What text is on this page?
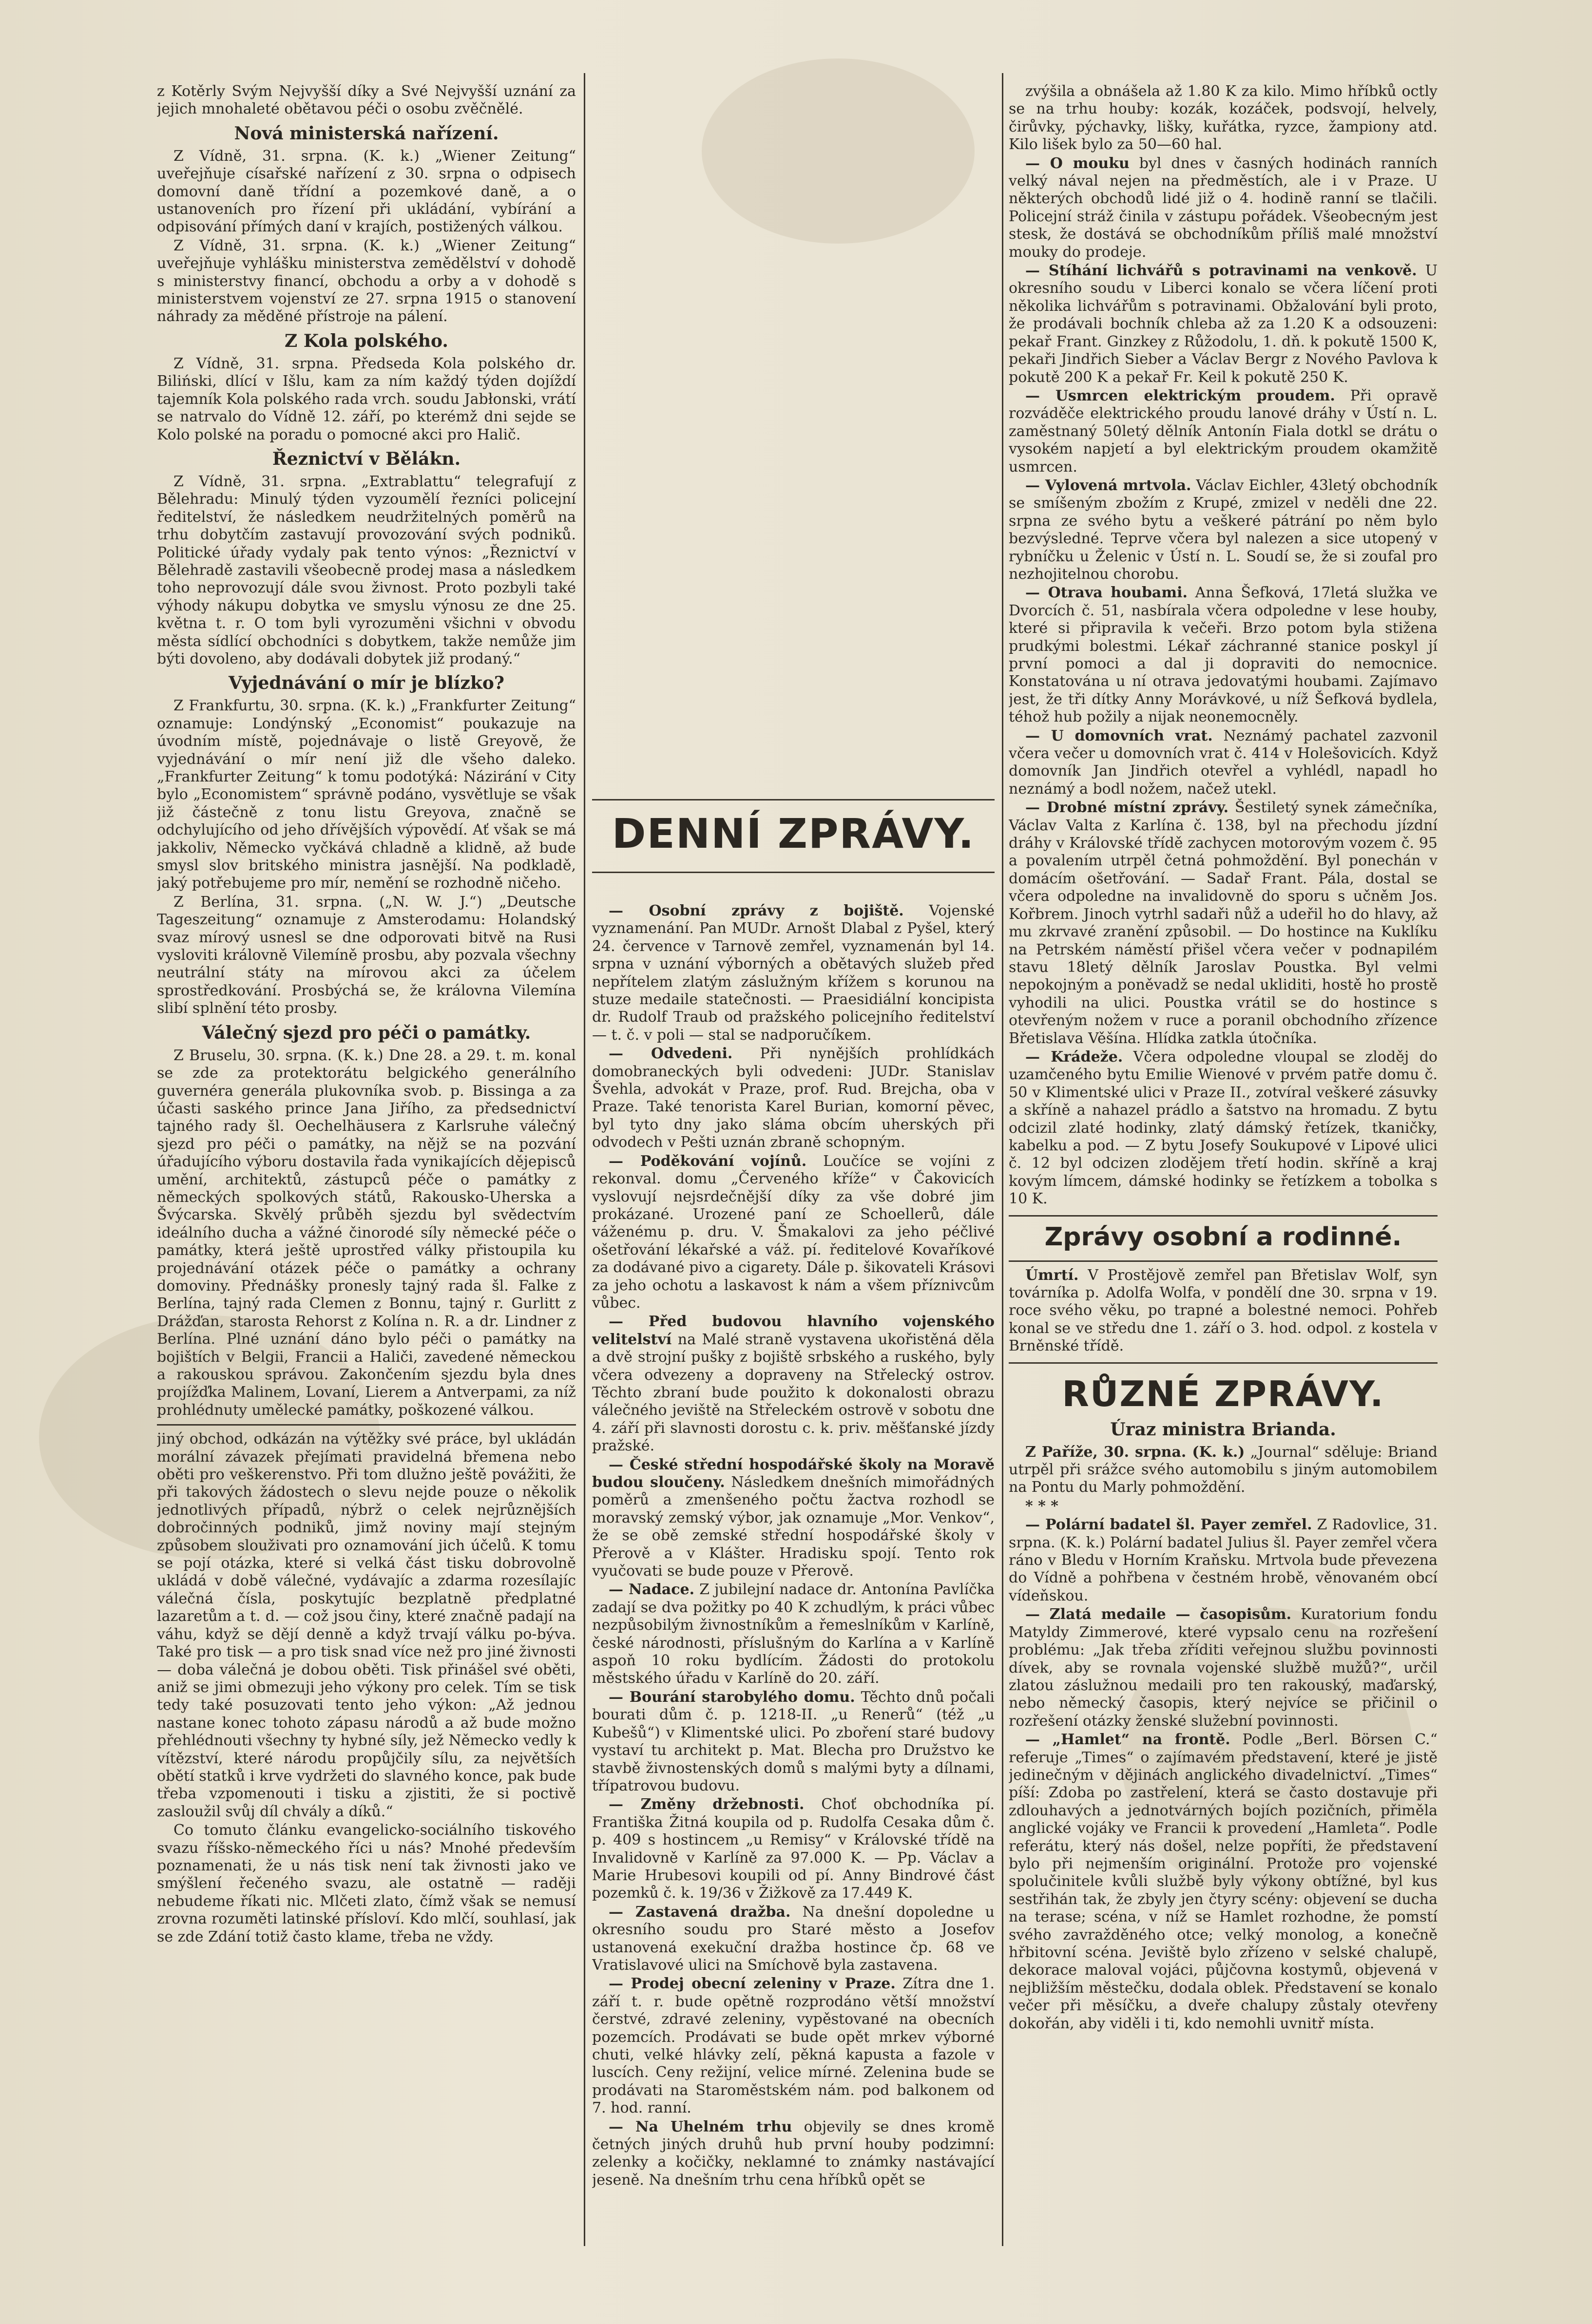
z Kotěrly Svým Nejvyšší díky a Své Nejvyšší uznání za jejich mnohaleté obětavou péči o osobu zvěčnělé.

Nová ministerská nařízení.

Z Vídně, 31. srpna. (K. k.) „Wiener Zeitung“ uveřejňuje císařské nařízení z 30. srpna o odpisech domovní daně třídní a pozemkové daně, a o ustanoveních pro řízení při ukládání, vybírání a odpisování přímých daní v krajích, postižených válkou.

Z Vídně, 31. srpna. (K. k.) „Wiener Zeitung“ uveřejňuje vyhlášku ministerstva zemědělství v dohodě s ministerstvy financí, obchodu a orby a v dohodě s ministerstvem vojenství ze 27. srpna 1915 o stanovení náhrady za měděné přístroje na pálení.

Z Kola polského.

Z Vídně, 31. srpna. Předseda Kola polského dr. Biliński, dlící v Išlu, kam za ním každý týden dojíždí tajemník Kola polského rada vrch. soudu Jabłonski, vrátí se natrvalo do Vídně 12. září, po kterémž dni sejde se Kolo polské na poradu o pomocné akci pro Halič.

Řeznictví v Bělákn.

Z Vídně, 31. srpna. „Extrablattu“ telegrafují z Bělehradu: Minulý týden vyzoumělí řezníci policejní ředitelství, že následkem neudržitelných poměrů na trhu dobytčím zastavují provozování svých podniků. Politické úřady vydaly pak tento výnos: „Řeznictví v Bělehradě zastavili všeobecně prodej masa a následkem toho neprovozují dále svou živnost. Proto pozbyli také výhody nákupu dobytka ve smyslu výnosu ze dne 25. května t. r. O tom byli vyrozuměni všichni v obvodu města sídlící obchodníci s dobytkem, takže nemůže jim býti dovoleno, aby dodávali dobytek již prodaný.“

Vyjednávání o mír je blízko?

Z Frankfurtu, 30. srpna. (K. k.) „Frankfurter Zeitung“ oznamuje: Londýnský „Economist“ poukazuje na úvodním místě, pojednávaje o listě Greyově, že vyjednávání o mír není již dle všeho daleko. „Frankfurter Zeitung“ k tomu podotýká: Názirání v City bylo „Economistem“ správně podáno, vysvětluje se však již částečně z tonu listu Greyova, značně se odchylujícího od jeho dřívějších výpovědí. Ať však se má jakkoliv, Německo vyčkává chladně a klidně, až bude smysl slov britského ministra jasnější. Na podkladě, jaký potřebujeme pro mír, nemění se rozhodně ničeho.

Z Berlína, 31. srpna. („N. W. J.“) „Deutsche Tageszeitung“ oznamuje z Amsterodamu: Holandský svaz mírový usnesl se dne odporovati bitvě na Rusi vysloviti královně Vilemíně prosbu, aby pozvala všechny neutrální státy na mírovou akci za účelem sprostředkování. Prosbýchá se, že královna Vilemína slibí splnění této prosby.

Válečný sjezd pro péči o památky.

Z Bruselu, 30. srpna. (K. k.) Dne 28. a 29. t. m. konal se zde za protektorátu belgického generálního guvernéra generála plukovníka svob. p. Bissinga a za účasti saského prince Jana Jiřího, za předsednictví tajného rady šl. Oechelhäusera z Karlsruhe válečný sjezd pro péči o památky, na nějž se na pozvání úřadujícího výboru dostavila řada vynikajících dějepisců umění, architektů, zástupců péče o památky z německých spolkových států, Rakousko-Uherska a Švýcarska. Skvělý průběh sjezdu byl svědectvím ideálního ducha a vážné činorodé síly německé péče o památky, která ještě uprostřed války přistoupila ku projednávání otázek péče o památky a ochrany domoviny. Přednášky pronesly tajný rada šl. Falke z Berlína, tajný rada Clemen z Bonnu, tajný r. Gurlitt z Drážďan, starosta Rehorst z Kolína n. R. a dr. Lindner z Berlína. Plné uznání dáno bylo péči o památky na bojištích v Belgii, Francii a Haliči, zavedené německou a rakouskou správou. Zakončením sjezdu byla dnes projížďka Malinem, Lovaní, Lierem a Antverpami, za níž prohlédnuty umělecké památky, poškozené válkou.

jiný obchod, odkázán na výtěžky své práce, byl ukládán morální závazek přejímati pravidelná břemena nebo oběti pro veškerenstvo. Při tom dlužno ještě povážiti, že při takových žádostech o slevu nejde pouze o několik jednotlivých případů, nýbrž o celek nejrůznějších dobročinných podniků, jimž noviny mají stejným způsobem slouživati pro oznamování jich účelů. K tomu se pojí otázka, které si velká část tisku dobrovolně ukládá v době válečné, vydávajíc a zdarma rozesílajíc válečná čísla, poskytujíc bezplatně předplatné lazaretům a t. d. — což jsou činy, které značně padají na váhu, když se dějí denně a když trvají válku po-býva. Také pro tisk — a pro tisk snad více než pro jiné živnosti — doba válečná je dobou oběti. Tisk přinášel své oběti, aniž se jimi obmezuji jeho výkony pro celek. Tím se tisk tedy také posuzovati tento jeho výkon: „Až jednou nastane konec tohoto zápasu národů a až bude možno přehlédnouti všechny ty hybné síly, jež Německo vedly k vítězství, které národu propůjčily sílu, za největších obětí statků i krve vydržeti do slavného konce, pak bude třeba vzpomenouti i tisku a zjistiti, že si poctivě zasloužil svůj díl chvály a díků.“

Co tomuto článku evangelicko-sociálního tiskového svazu říšsko-německého říci u nás? Mnohé především poznamenati, že u nás tisk není tak živnosti jako ve smýšlení řečeného svazu, ale ostatně — raději nebudeme říkati nic. Mlčeti zlato, čímž však se nemusí zrovna rozuměti latinské přísloví. Kdo mlčí, souhlasí, jak se zde Zdání totiž často klame, třeba ne vždy.

DENNÍ ZPRÁVY.

— Osobní zprávy z bojiště. Vojenské vyznamenání. Pan MUDr. Arnošt Dlabal z Pyšel, který 24. července v Tarnově zemřel, vyznamenán byl 14. srpna v uznání výborných a obětavých služeb před nepřítelem zlatým záslužným křížem s korunou na stuze medaile statečnosti. — Praesidiální koncipista dr. Rudolf Traub od pražského policejního ředitelství — t. č. v poli — stal se nadporučíkem.

— Odvedeni. Při nynějších prohlídkách domobraneckých byli odvedeni: JUDr. Stanislav Švehla, advokát v Praze, prof. Rud. Brejcha, oba v Praze. Také tenorista Karel Burian, komorní pěvec, byl tyto dny jako sláma obcím uherských při odvodech v Pešti uznán zbraně schopným.

— Poděkování vojínů. Loučíce se vojíni z rekonval. domu „Červeného kříže“ v Čakovicích vyslovují nejsrdečnější díky za vše dobré jim prokázané. Urozené paní ze Schoellerů, dále váženému p. dru. V. Šmakalovi za jeho péčlivé ošetřování lékařské a váž. pí. ředitelové Kovaříkové za dodávané pivo a cigarety. Dále p. šikovateli Krásovi za jeho ochotu a laskavost k nám a všem příznivcům vůbec.

— Před budovou hlavního vojenského velitelství na Malé straně vystavena ukořistěná děla a dvě strojní pušky z bojiště srbského a ruského, byly včera odvezeny a dopraveny na Střelecký ostrov. Těchto zbraní bude použito k dokonalosti obrazu válečného jeviště na Střeleckém ostrově v sobotu dne 4. září při slavnosti dorostu c. k. priv. měšťanské jízdy pražské.

— České střední hospodářské školy na Moravě budou sloučeny. Následkem dnešních mimořádných poměrů a zmenšeného počtu žactva rozhodl se moravský zemský výbor, jak oznamuje „Mor. Venkov“, že se obě zemské střední hospodářské školy v Přerově a v Klášter. Hradisku spojí. Tento rok vyučovati se bude pouze v Přerově.

— Nadace. Z jubilejní nadace dr. Antonína Pavlíčka zadají se dva požitky po 40 K zchudlým, k práci vůbec nezpůsobilým živnostníkům a řemeslníkům v Karlíně, české národnosti, příslušným do Karlína a v Karlíně aspoň 10 roku bydlícím. Žádosti do protokolu městského úřadu v Karlíně do 20. září.

— Bourání starobylého domu. Těchto dnů počali bourati dům č. p. 1218-II. „u Renerů“ (též „u Kubešů“) v Klimentské ulici. Po zboření staré budovy vystaví tu architekt p. Mat. Blecha pro Družstvo ke stavbě živnostenských domů s malými byty a dílnami, třípatrovou budovu.

— Změny držebnosti. Choť obchodníka pí. Františka Žitná koupila od p. Rudolfa Cesaka dům č. p. 409 s hostincem „u Remisy“ v Královské třídě na Invalidovně v Karlíně za 97.000 K. — Pp. Václav a Marie Hrubesovi koupili od pí. Anny Bindrové část pozemků č. k. 19/36 v Žižkově za 17.449 K.

— Zastavená dražba. Na dnešní dopoledne u okresního soudu pro Staré město a Josefov ustanovená exekuční dražba hostince čp. 68 ve Vratislavové ulici na Smíchově byla zastavena.

— Prodej obecní zeleniny v Praze. Zítra dne 1. září t. r. bude opětně rozprodáno větší množství čerstvé, zdravé zeleniny, vypěstované na obecních pozemcích. Prodávati se bude opět mrkev výborné chuti, velké hlávky zelí, pěkná kapusta a fazole v luscích. Ceny režijní, velice mírné. Zelenina bude se prodávati na Staroměstském nám. pod balkonem od 7. hod. ranní.

— Na Uhelném trhu objevily se dnes kromě četných jiných druhů hub první houby podzimní: zelenky a kočičky, neklamné to známky nastávající jeseně. Na dnešním trhu cena hříbků opět se

zvýšila a obnášela až 1.80 K za kilo. Mimo hříbků octly se na trhu houby: kozák, kozáček, podsvojí, helvely, čirůvky, pýchavky, lišky, kuřátka, ryzce, žampiony atd. Kilo lišek bylo za 50—60 hal.

— O mouku byl dnes v časných hodinách ranních velký nával nejen na předměstích, ale i v Praze. U některých obchodů lidé již o 4. hodině ranní se tlačili. Policejní stráž činila v zástupu pořádek. Všeobecným jest stesk, že dostává se obchodníkům příliš malé množství mouky do prodeje.

— Stíhání lichvářů s potravinami na venkově. U okresního soudu v Liberci konalo se včera líčení proti několika lichvářům s potravinami. Obžalování byli proto, že prodávali bochník chleba až za 1.20 K a odsouzeni: pekař Frant. Ginzkey z Růžodolu, 1. dň. k pokutě 1500 K, pekaři Jindřich Sieber a Václav Bergr z Nového Pavlova k pokutě 200 K a pekař Fr. Keil k pokutě 250 K.

— Usmrcen elektrickým proudem. Při opravě rozváděče elektrického proudu lanové dráhy v Ústí n. L. zaměstnaný 50letý dělník Antonín Fiala dotkl se drátu o vysokém napjetí a byl elektrickým proudem okamžitě usmrcen.

— Vylovená mrtvola. Václav Eichler, 43letý obchodník se smíšeným zbožím z Krupé, zmizel v neděli dne 22. srpna ze svého bytu a veškeré pátrání po něm bylo bezvýsledné. Teprve včera byl nalezen a sice utopený v rybníčku u Želenic v Ústí n. L. Soudí se, že si zoufal pro nezhojitelnou chorobu.

— Otrava houbami. Anna Šefková, 17letá služka ve Dvorcích č. 51, nasbírala včera odpoledne v lese houby, které si připravila k večeři. Brzo potom byla stižena prudkými bolestmi. Lékař záchranné stanice poskyl jí první pomoci a dal ji dopraviti do nemocnice. Konstatována u ní otrava jedovatými houbami. Zajímavo jest, že tři dítky Anny Morávkové, u níž Šefková bydlela, téhož hub požily a nijak neonemocněly.

— U domovních vrat. Neznámý pachatel zazvonil včera večer u domovních vrat č. 414 v Holešovicích. Když domovník Jan Jindřich otevřel a vyhlédl, napadl ho neznámý a bodl nožem, načež utekl.

— Drobné místní zprávy. Šestiletý synek zámečníka, Václav Valta z Karlína č. 138, byl na přechodu jízdní dráhy v Královské třídě zachycen motorovým vozem č. 95 a povalením utrpěl četná pohmoždění. Byl ponechán v domácím ošetřování. — Sadař Frant. Pála, dostal se včera odpoledne na invalidovně do sporu s učněm Jos. Kořbrem. Jinoch vytrhl sadaři nůž a udeřil ho do hlavy, až mu zkrvavé zranění způsobil. — Do hostince na Kuklíku na Petrském náměstí přišel včera večer v podnapilém stavu 18letý dělník Jaroslav Poustka. Byl velmi nepokojným a poněvadž se nedal ukliditi, hostě ho prostě vyhodili na ulici. Poustka vrátil se do hostince s otevřeným nožem v ruce a poranil obchodního zřízence Břetislava Věšína. Hlídka zatkla útočníka.

— Krádeže. Včera odpoledne vloupal se zloděj do uzamčeného bytu Emilie Wienové v prvém patře domu č. 50 v Klimentské ulici v Praze II., zotvíral veškeré zásuvky a skříně a nahazel prádlo a šatstvo na hromadu. Z bytu odcizil zlaté hodinky, zlatý dámský řetízek, tkaničky, kabelku a pod. — Z bytu Josefy Soukupové v Lipové ulici č. 12 byl odcizen zlodějem třetí hodin. skříně a kraj kovým límcem, dámské hodinky se řetízkem a tobolka s 10 K.

Zprávy osobní a rodinné.

Úmrtí. V Prostějově zemřel pan Břetislav Wolf, syn továrníka p. Adolfa Wolfa, v pondělí dne 30. srpna v 19. roce svého věku, po trapné a bolestné nemoci. Pohřeb konal se ve středu dne 1. září o 3. hod. odpol. z kostela v Brněnské třídě.

RŮZNÉ ZPRÁVY.
Úraz ministra Brianda.

Z Paříže, 30. srpna. (K. k.) „Journal“ sděluje: Briand utrpěl při srážce svého automobilu s jiným automobilem na Pontu du Marly pohmoždění.

* * *

— Polární badatel šl. Payer zemřel. Z Radovlice, 31. srpna. (K. k.) Polární badatel Julius šl. Payer zemřel včera ráno v Bledu v Horním Kraňsku. Mrtvola bude převezena do Vídně a pohřbena v čestném hrobě, věnovaném obcí vídeňskou.

— Zlatá medaile — časopisům. Kuratorium fondu Matyldy Zimmerové, které vypsalo cenu na rozřešení problému: „Jak třeba zříditi veřejnou službu povinnosti dívek, aby se rovnala vojenské službě mužů?“, určil zlatou záslužnou medaili pro ten rakouský, maďarský, nebo německý časopis, který nejvíce se přičinil o rozřešení otázky ženské služební povinnosti.

— „Hamlet“ na frontě. Podle „Berl. Börsen C.“ referuje „Times“ o zajímavém představení, které je jistě jedinečným v dějinách anglického divadelnictví. „Times“ píší: Zdoba po zastřelení, která se často dostavuje při zdlouhavých a jednotvárných bojích pozičních, přiměla anglické vojáky ve Francii k provedení „Hamleta“. Podle referátu, který nás došel, nelze popříti, že představení bylo při nejmenším originální. Protože pro vojenské spolučinitele kvůli službě byly výkony obtížné, byl kus sestřihán tak, že zbyly jen čtyry scény: objevení se ducha na terase; scéna, v níž se Hamlet rozhodne, že pomstí svého zavražděného otce; velký monolog, a konečně hřbitovní scéna. Jeviště bylo zřízeno v selské chalupě, dekorace maloval vojáci, půjčovna kostymů, objevená v nejbližším městečku, dodala oblek. Představení se konalo večer při měsíčku, a dveře chalupy zůstaly otevřeny dokořán, aby viděli i ti, kdo nemohli uvnitř místa.
